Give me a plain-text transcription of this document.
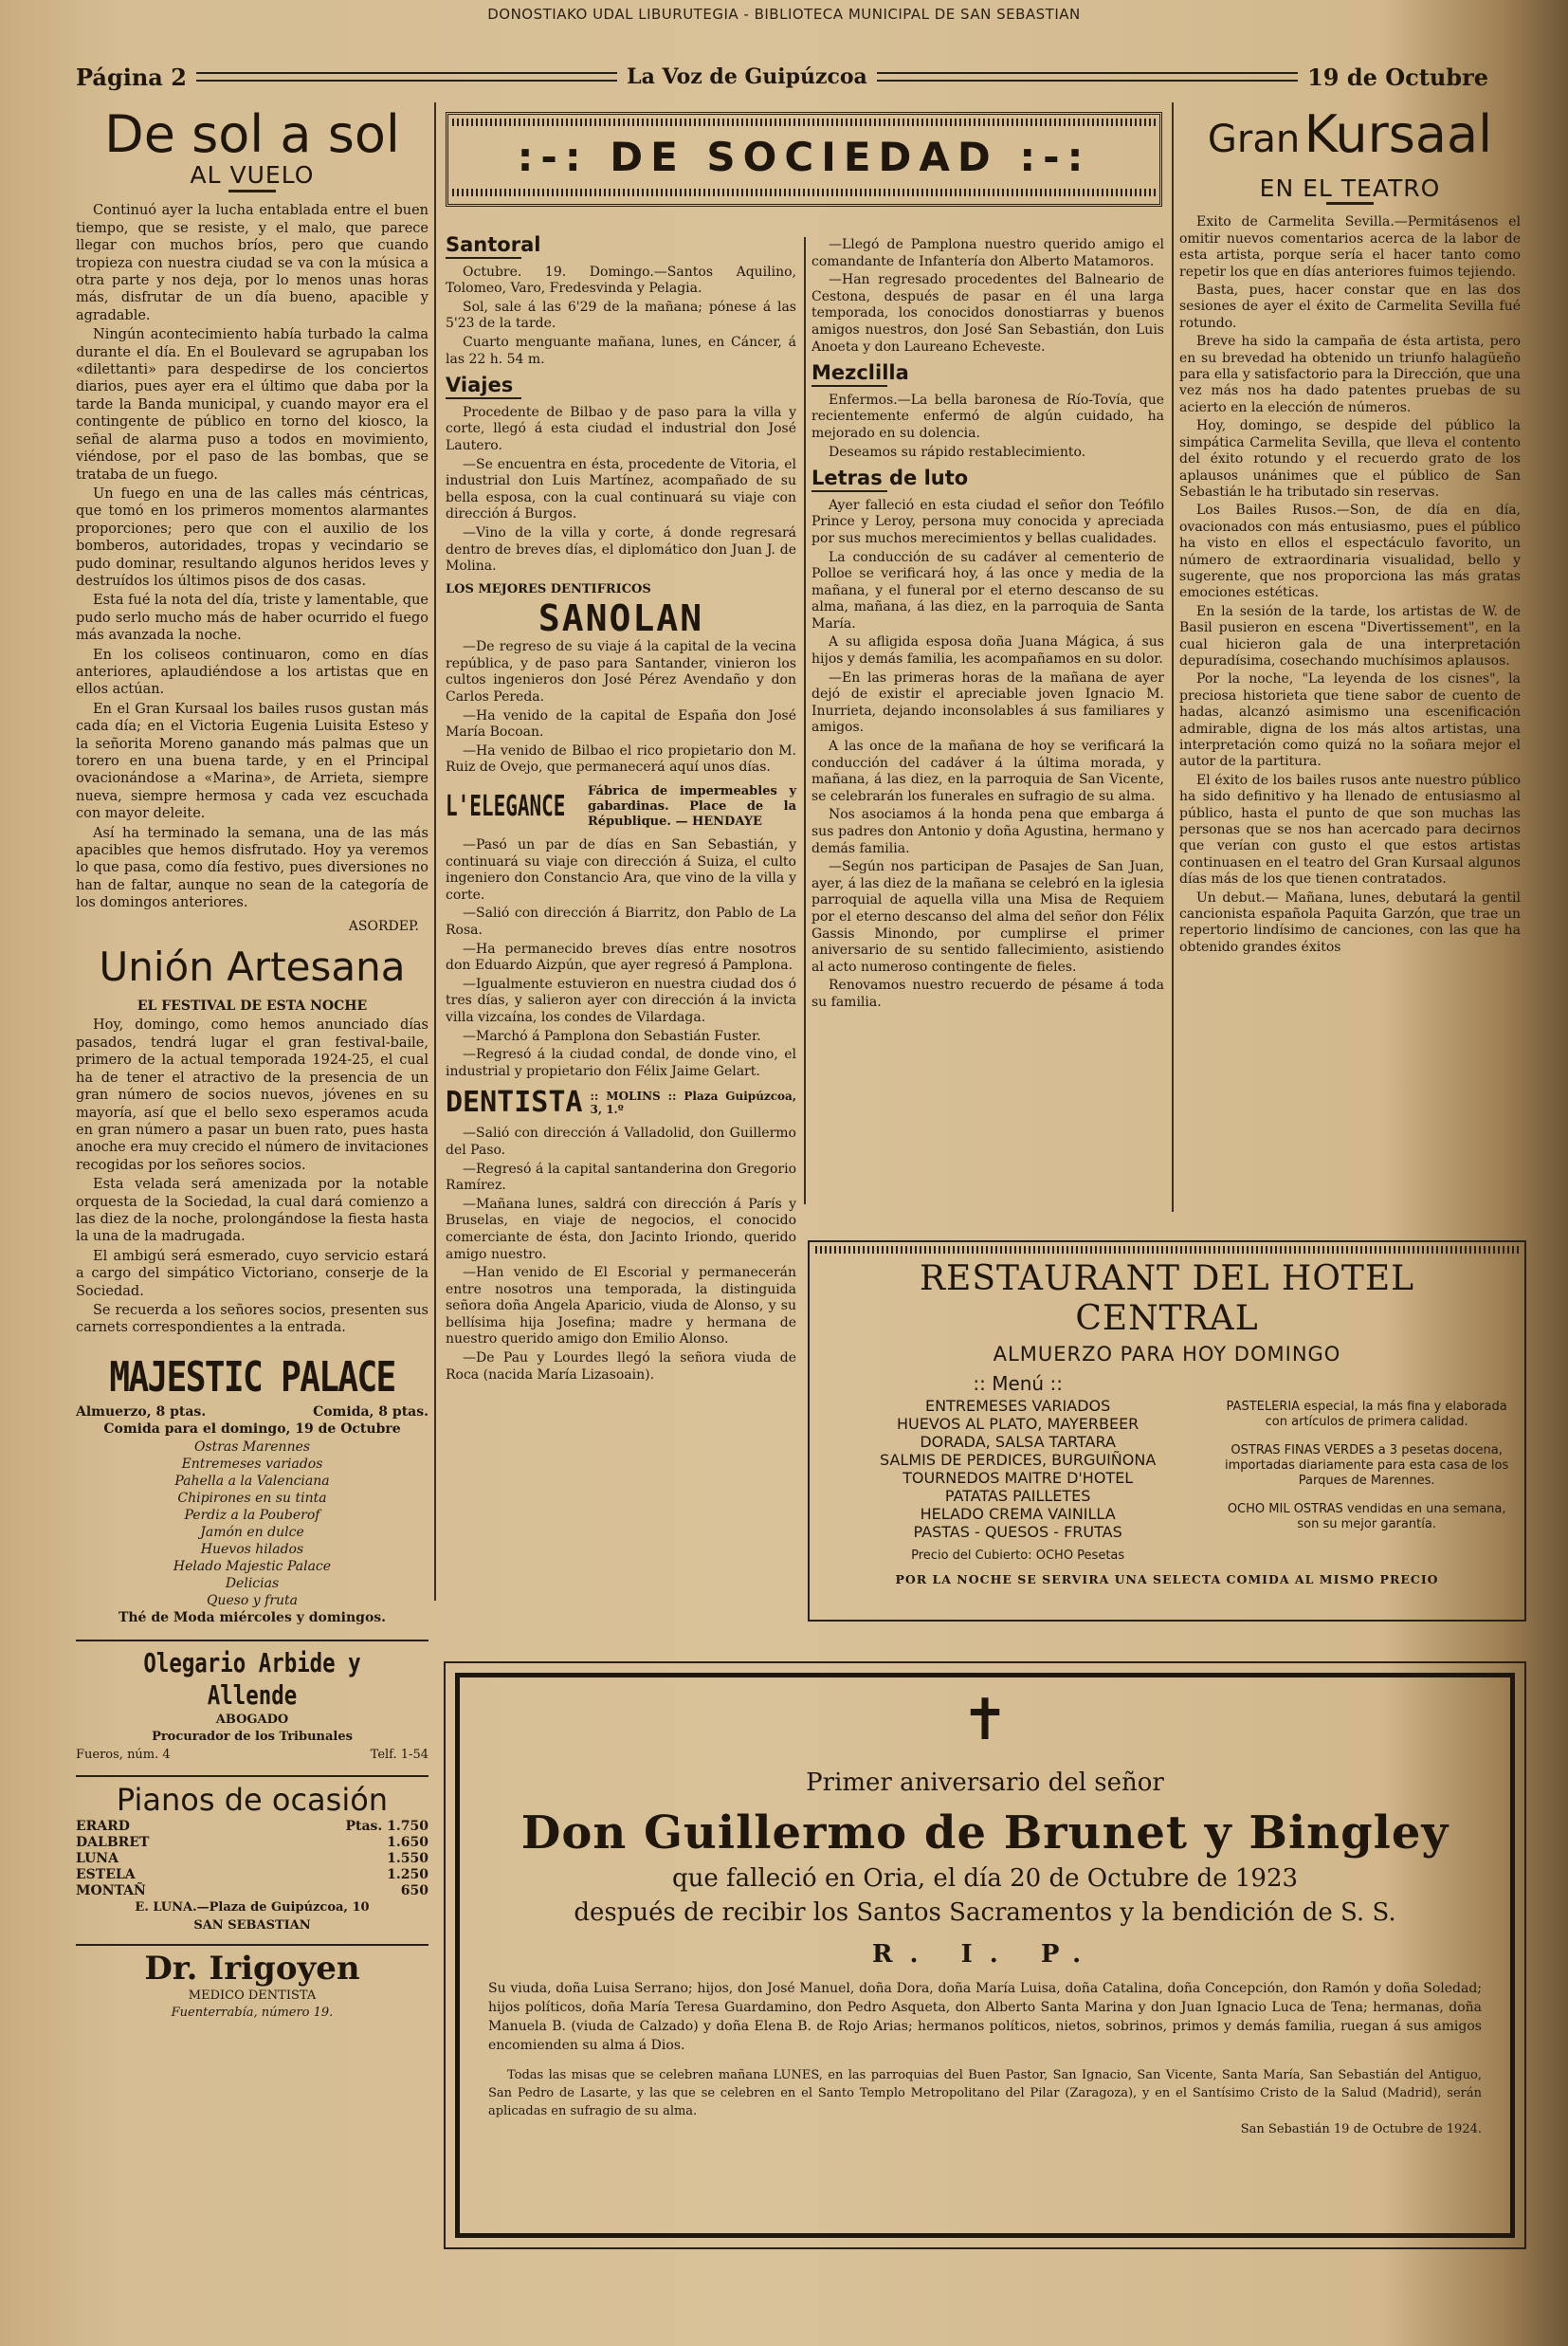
DONOSTIAKO UDAL LIBURUTEGIA - BIBLIOTECA MUNICIPAL DE SAN SEBASTIAN
Página 2	La Voz de Guipúzcoa	19 de Octubre
De sol a sol
AL VUELO

Continuó ayer la lucha entablada entre el buen tiempo, que se resiste, y el malo, que parece llegar con muchos bríos, pero que cuando tropieza con nuestra ciudad se va con la música a otra parte y nos deja, por lo menos unas horas más, disfrutar de un día bueno, apacible y agradable.

Ningún acontecimiento había turbado la calma durante el día. En el Boulevard se agrupaban los «dilettanti» para despedirse de los conciertos diarios, pues ayer era el último que daba por la tarde la Banda municipal, y cuando mayor era el contingente de público en torno del kiosco, la señal de alarma puso a todos en movimiento, viéndose, por el paso de las bombas, que se trataba de un fuego.

Un fuego en una de las calles más céntricas, que tomó en los primeros momentos alarmantes proporciones; pero que con el auxilio de los bomberos, autoridades, tropas y vecindario se pudo dominar, resultando algunos heridos leves y destruídos los últimos pisos de dos casas.

Esta fué la nota del día, triste y lamentable, que pudo serlo mucho más de haber ocurrido el fuego más avanzada la noche.

En los coliseos continuaron, como en días anteriores, aplaudiéndose a los artistas que en ellos actúan.

En el Gran Kursaal los bailes rusos gustan más cada día; en el Victoria Eugenia Luisita Esteso y la señorita Moreno ganando más palmas que un torero en una buena tarde, y en el Principal ovacionándose a «Marina», de Arrieta, siempre nueva, siempre hermosa y cada vez escuchada con mayor deleite.

Así ha terminado la semana, una de las más apacibles que hemos disfrutado. Hoy ya veremos lo que pasa, como día festivo, pues diversiones no han de faltar, aunque no sean de la categoría de los domingos anteriores.

ASORDEP.
Unión Artesana
EL FESTIVAL DE ESTA NOCHE

Hoy, domingo, como hemos anunciado días pasados, tendrá lugar el gran festival-baile, primero de la actual temporada 1924-25, el cual ha de tener el atractivo de la presencia de un gran número de socios nuevos, jóvenes en su mayoría, así que el bello sexo esperamos acuda en gran número a pasar un buen rato, pues hasta anoche era muy crecido el número de invitaciones recogidas por los señores socios.

Esta velada será amenizada por la notable orquesta de la Sociedad, la cual dará comienzo a las diez de la noche, prolongándose la fiesta hasta la una de la madrugada.

El ambigú será esmerado, cuyo servicio estará a cargo del simpático Victoriano, conserje de la Sociedad.

Se recuerda a los señores socios, presenten sus carnets correspondientes a la entrada.

MAJESTIC PALACE
Almuerzo, 8 ptas.	Comida, 8 ptas.
Comida para el domingo, 19 de Octubre
Ostras Marennes
Entremeses variados
Pahella a la Valenciana
Chipirones en su tinta
Perdiz a la Pouberof
Jamón en dulce
Huevos hilados
Helado Majestic Palace
Delicias
Queso y fruta
Thé de Moda miércoles y domingos.
Olegario Arbide y Allende
ABOGADO
Procurador de los Tribunales
Fueros, núm. 4	Telf. 1-54
Pianos de ocasión
ERARD	Ptas. 1.750
DALBRET	1.650
LUNA	1.550
ESTELA	1.250
MONTAÑ	650
E. LUNA.—Plaza de Guipúzcoa, 10
SAN SEBASTIAN
Dr. Irigoyen
MEDICO DENTISTA
Fuenterrabía, número 19.
:-: DE SOCIEDAD :-:
Santoral

Octubre. 19. Domingo.—Santos Aquilino, Tolomeo, Varo, Fredesvinda y Pelagia.

Sol, sale á las 6'29 de la mañana; pónese á las 5'23 de la tarde.

Cuarto menguante mañana, lunes, en Cáncer, á las 22 h. 54 m.

Viajes

Procedente de Bilbao y de paso para la villa y corte, llegó á esta ciudad el industrial don José Lautero.

—Se encuentra en ésta, procedente de Vitoria, el industrial don Luis Martínez, acompañado de su bella esposa, con la cual continuará su viaje con dirección á Burgos.

—Vino de la villa y corte, á donde regresará dentro de breves días, el diplomático don Juan J. de Molina.

LOS MEJORES DENTIFRICOS
SANOLAN

—De regreso de su viaje á la capital de la vecina república, y de paso para Santander, vinieron los cultos ingenieros don José Pérez Avendaño y don Carlos Pereda.

—Ha venido de la capital de España don José María Bocoan.

—Ha venido de Bilbao el rico propietario don M. Ruiz de Ovejo, que permanecerá aquí unos días.

L'ELEGANCE Fábrica de impermeables y gabardinas. Place de la République. — HENDAYE

—Pasó un par de días en San Sebastián, y continuará su viaje con dirección á Suiza, el culto ingeniero don Constancio Ara, que vino de la villa y corte.

—Salió con dirección á Biarritz, don Pablo de La Rosa.

—Ha permanecido breves días entre nosotros don Eduardo Aizpún, que ayer regresó á Pamplona.

—Igualmente estuvieron en nuestra ciudad dos ó tres días, y salieron ayer con dirección á la invicta villa vizcaína, los condes de Vilardaga.

—Marchó á Pamplona don Sebastián Fuster.

—Regresó á la ciudad condal, de donde vino, el industrial y propietario don Félix Jaime Gelart.

DENTISTA :: MOLINS :: Plaza Guipúzcoa, 3, 1.º

—Salió con dirección á Valladolid, don Guillermo del Paso.

—Regresó á la capital santanderina don Gregorio Ramírez.

—Mañana lunes, saldrá con dirección á París y Bruselas, en viaje de negocios, el conocido comerciante de ésta, don Jacinto Iriondo, querido amigo nuestro.

—Han venido de El Escorial y permanecerán entre nosotros una temporada, la distinguida señora doña Angela Aparicio, viuda de Alonso, y su bellísima hija Josefina; madre y hermana de nuestro querido amigo don Emilio Alonso.

—De Pau y Lourdes llegó la señora viuda de Roca (nacida María Lizasoain).

—Llegó de Pamplona nuestro querido amigo el comandante de Infantería don Alberto Matamoros.

—Han regresado procedentes del Balneario de Cestona, después de pasar en él una larga temporada, los conocidos donostiarras y buenos amigos nuestros, don José San Sebastián, don Luis Anoeta y don Laureano Echeveste.

Mezclilla

Enfermos.—La bella baronesa de Río-Tovía, que recientemente enfermó de algún cuidado, ha mejorado en su dolencia.

Deseamos su rápido restablecimiento.

Letras de luto

Ayer falleció en esta ciudad el señor don Teófilo Prince y Leroy, persona muy conocida y apreciada por sus muchos merecimientos y bellas cualidades.

La conducción de su cadáver al cementerio de Polloe se verificará hoy, á las once y media de la mañana, y el funeral por el eterno descanso de su alma, mañana, á las diez, en la parroquia de Santa María.

A su afligida esposa doña Juana Mágica, á sus hijos y demás familia, les acompañamos en su dolor.

—En las primeras horas de la mañana de ayer dejó de existir el apreciable joven Ignacio M. Inurrieta, dejando inconsolables á sus familiares y amigos.

A las once de la mañana de hoy se verificará la conducción del cadáver á la última morada, y mañana, á las diez, en la parroquia de San Vicente, se celebrarán los funerales en sufragio de su alma.

Nos asociamos á la honda pena que embarga á sus padres don Antonio y doña Agustina, hermano y demás familia.

—Según nos participan de Pasajes de San Juan, ayer, á las diez de la mañana se celebró en la iglesia parroquial de aquella villa una Misa de Requiem por el eterno descanso del alma del señor don Félix Gassis Minondo, por cumplirse el primer aniversario de su sentido fallecimiento, asistiendo al acto numeroso contingente de fieles.

Renovamos nuestro recuerdo de pésame á toda su familia.

Gran Kursaal
EN EL TEATRO

Exito de Carmelita Sevilla.—Permitásenos el omitir nuevos comentarios acerca de la labor de esta artista, porque sería el hacer tanto como repetir los que en días anteriores fuimos tejiendo.

Basta, pues, hacer constar que en las dos sesiones de ayer el éxito de Carmelita Sevilla fué rotundo.

Breve ha sido la campaña de ésta artista, pero en su brevedad ha obtenido un triunfo halagüeño para ella y satisfactorio para la Dirección, que una vez más nos ha dado patentes pruebas de su acierto en la elección de números.

Hoy, domingo, se despide del público la simpática Carmelita Sevilla, que lleva el contento del éxito rotundo y el recuerdo grato de los aplausos unánimes que el público de San Sebastián le ha tributado sin reservas.

Los Bailes Rusos.—Son, de día en día, ovacionados con más entusiasmo, pues el público ha visto en ellos el espectáculo favorito, un número de extraordinaria visualidad, bello y sugerente, que nos proporciona las más gratas emociones estéticas.

En la sesión de la tarde, los artistas de W. de Basil pusieron en escena "Divertissement", en la cual hicieron gala de una interpretación depuradísima, cosechando muchísimos aplausos.

Por la noche, "La leyenda de los cisnes", la preciosa historieta que tiene sabor de cuento de hadas, alcanzó asimismo una escenificación admirable, digna de los más altos artistas, una interpretación como quizá no la soñara mejor el autor de la partitura.

El éxito de los bailes rusos ante nuestro público ha sido definitivo y ha llenado de entusiasmo al público, hasta el punto de que son muchas las personas que se nos han acercado para decirnos que verían con gusto el que estos artistas continuasen en el teatro del Gran Kursaal algunos días más de los que tienen contratados.

Un debut.— Mañana, lunes, debutará la gentil cancionista española Paquita Garzón, que trae un repertorio lindísimo de canciones, con las que ha obtenido grandes éxitos

RESTAURANT DEL HOTEL CENTRAL
ALMUERZO PARA HOY DOMINGO
:: Menú ::
ENTREMESES VARIADOS
HUEVOS AL PLATO, MAYERBEER
DORADA, SALSA TARTARA
SALMIS DE PERDICES, BURGUIÑONA
TOURNEDOS MAITRE D'HOTEL
PATATAS PAILLETES
HELADO CREMA VAINILLA
PASTAS - QUESOS - FRUTAS
Precio del Cubierto: OCHO Pesetas
PASTELERIA especial, la más fina y elaborada con artículos de primera calidad.
OSTRAS FINAS VERDES a 3 pesetas docena, importadas diariamente para esta casa de los Parques de Marennes.
OCHO MIL OSTRAS vendidas en una semana, son su mejor garantía.
POR LA NOCHE SE SERVIRA UNA SELECTA COMIDA AL MISMO PRECIO
✝
Primer aniversario del señor
Don Guillermo de Brunet y Bingley
que falleció en Oria, el día 20 de Octubre de 1923
después de recibir los Santos Sacramentos y la bendición de S. S.
R. I. P.
Su viuda, doña Luisa Serrano; hijos, don José Manuel, doña Dora, doña María Luisa, doña Catalina, doña Concepción, don Ramón y doña Soledad; hijos políticos, doña María Teresa Guardamino, don Pedro Asqueta, don Alberto Santa Marina y don Juan Ignacio Luca de Tena; hermanas, doña Manuela B. (viuda de Calzado) y doña Elena B. de Rojo Arias; hermanos políticos, nietos, sobrinos, primos y demás familia, ruegan á sus amigos encomienden su alma á Dios.
Todas las misas que se celebren mañana LUNES, en las parroquias del Buen Pastor, San Ignacio, San Vicente, Santa María, San Sebastián del Antiguo, San Pedro de Lasarte, y las que se celebren en el Santo Templo Metropolitano del Pilar (Zaragoza), y en el Santísimo Cristo de la Salud (Madrid), serán aplicadas en sufragio de su alma.
San Sebastián 19 de Octubre de 1924.
